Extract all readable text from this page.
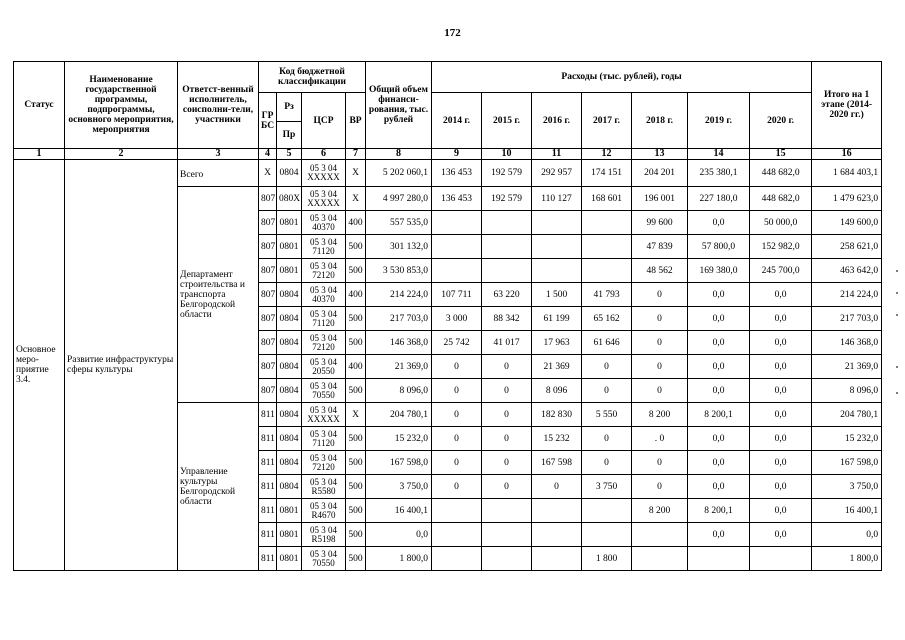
172
Статус	Наименование государственной программы, подпрограммы, основного мероприятия, мероприятия	Ответст-венный исполнитель, соисполни-тели, участники	Код бюджетной классификации				Общий объем финанси-рования, тыс. рублей	Расходы (тыс. рублей), годы							Итого на 1 этапе (2014-2020 гг.)
			ГР БС	Рз	ЦСР	ВР		2014 г.	2015 г.	2016 г.	2017 г.	2018 г.	2019 г.	2020 г.	
				Пр											
1	2	3	4	5	6	7	8	9	10	11	12	13	14	15	16
Основное меро-приятие 3.4.	Развитие инфраструктуры сферы культуры	Всего	Х	0804	05 3 04 XXXXX	Х	5 202 060,1	136 453	192 579	292 957	174 151	204 201	235 380,1	448 682,0	1 684 403,1
		Департамент строительства и транспорта Белгородской области	807	080Х	05 3 04 XXXXX	Х	4 997 280,0	136 453	192 579	110 127	168 601	196 001	227 180,0	448 682,0	1 479 623,0
			807	0801	05 3 04 40370	400	557 535,0					99 600	0,0	50 000,0	149 600,0
			807	0801	05 3 04 71120	500	301 132,0					47 839	57 800,0	152 982,0	258 621,0
			807	0801	05 3 04 72120	500	3 530 853,0					48 562	169 380,0	245 700,0	463 642,0
			807	0804	05 3 04 40370	400	214 224,0	107 711	63 220	1 500	41 793	0	0,0	0,0	214 224,0
			807	0804	05 3 04 71120	500	217 703,0	3 000	88 342	61 199	65 162	0	0,0	0,0	217 703,0
			807	0804	05 3 04 72120	500	146 368,0	25 742	41 017	17 963	61 646	0	0,0	0,0	146 368,0
			807	0804	05 3 04 20550	400	21 369,0	0	0	21 369	0	0	0,0	0,0	21 369,0
			807	0804	05 3 04 70550	500	8 096,0	0	0	8 096	0	0	0,0	0,0	8 096,0
		Управление культуры Белгородской области	811	0804	05 3 04 XXXXX	Х	204 780,1	0	0	182 830	5 550	8 200	8 200,1	0,0	204 780,1
			811	0804	05 3 04 71120	500	15 232,0	0	0	15 232	0	. 0	0,0	0,0	15 232,0
			811	0804	05 3 04 72120	500	167 598,0	0	0	167 598	0	0	0,0	0,0	167 598,0
			811	0804	05 3 04 R5580	500	3 750,0	0	0	0	3 750	0	0,0	0,0	3 750,0
			811	0801	05 3 04 R4670	500	16 400,1					8 200	8 200,1	0,0	16 400,1
			811	0801	05 3 04 R5198	500	0,0						0,0	0,0	0,0
			811	0801	05 3 04 70550	500	1 800,0				1 800				1 800,0
